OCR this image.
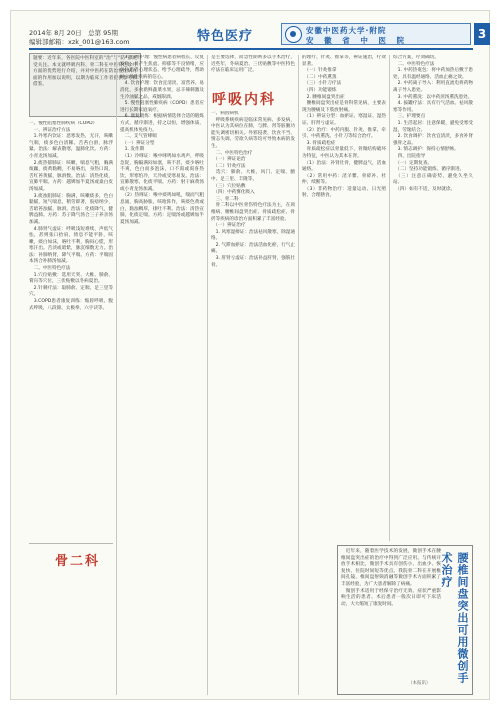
2014年 8月 20日　总第 95期
编辑部邮箱：xzk_001@163.com	特色医疗	安徽中医药大学·附院
安 徽 省 中 医 院	3
题要：近年来，各医院中医科室的“治”与“防”都更受关注。本文就呼吸内科、骨二科在中医特色诊疗方面的优势进行介绍，并对中医药在防治慢性病方面的作用加以说明，以期为临床工作者提供参考和借鉴。
一、慢性阻塞性肺疾病（COPD）
　一、辨证治疗方法
　1.外寒内饮证：恶寒发热，无汗，咳嗽气喘，痰多色白清稀。舌苔白滑，脉浮紧。治法：解表散寒，温肺化饮。方药：小青龙汤加减。
　2.痰热郁肺证：咳嗽，喘息气粗，胸满烦躁，痰黄黏稠，不易咯出，身热口渴，舌红苔黄腻，脉滑数。治法：清热化痰，宣肺平喘。方药：越婢加半夏汤或桑白皮汤加减。
　3.痰浊阻肺证：胸满，咳嗽痰多，色白黏腻，短气喘息，稍劳即著，脘痞纳少，舌暗苔浊腻，脉滑。治法：化痰降气，健脾益肺。方药：苏子降气汤合三子养亲汤加减。
　4.肺肾气虚证：呼吸浅短难续，声低气怯，甚则张口抬肩，倚息不能平卧，咳嗽，痰白如沫，咯吐不利，胸闷心慌，形寒汗出。舌淡或暗紫，脉沉细数无力。治法：补肺纳肾，降气平喘。方药：平喘固本汤合补肺汤加减。
　二、中医特色疗法
　1.穴位贴敷：选用天突、大椎、肺俞、膏肓等穴位，三伏贴敷以冬病夏治。
　2.针刺疗法：取肺俞、定喘、足三里等穴。
　3.COPD患者康复训练：缩唇呼吸、腹式呼吸、八段锦、太极拳、六字诀等。
　3. 心理护理：慢性病患者病程长，反复发作，易产生焦虑、抑郁等不良情绪，应关注患者心理状态，给予心理疏导，帮助树立战胜疾病的信心。
　4. 饮食护理：饮食宜清淡、富营养、易消化，多食新鲜蔬菜水果，忌辛辣刺激及生冷油腻之品，戒烟限酒。
　5. 慢性阻塞性肺疾病（COPD）患者应进行长期家庭氧疗。
　6. 康复锻炼：根据病情选择合适的锻炼方式，循序渐进，持之以恒，增强体质，提高机体免疫力。
　二、支气管哮喘
　（一）辨证分型
　1. 发作期
　（1）冷哮证：喉中哮鸣如水鸡声，呼吸急促，胸膈满闷如塞，咳不甚，痰少咯吐不爽，色白而多泡沫，口不渴或渴喜热饮，形寒怕冷，天冷或受寒易发。治法：宣肺散寒，化痰平喘。方药：射干麻黄汤或小青龙汤加减。
　（2）热哮证：喉中痰鸣如吼，喘而气粗息涌，胸高胁胀，咳呛阵作，咳痰色黄或白，黏浊稠厚，排吐不利。治法：清热宣肺，化痰定喘。方药：定喘汤或越婢加半夏汤加减。
是主要选择，而急性期则多以手术治疗，近些年，冬病夏治、三伏贴敷等中医特色疗法在临床运用广泛。
呼吸内科
一、病因病机
　呼吸系统疾病是临床常见病、多发病，中医认为其病位在肺，与脾、肾等脏腑功能失调密切相关。外邪侵袭、饮食不当、情志失调、劳欲久病等均可导致本病的发生。
　二、中医特色治疗
　（一）辨证论治
　（二）针灸疗法
　选穴：肺俞、大椎、风门、定喘、膻中、足三里、丰隆等。
　（三）穴位贴敷
　（四）中药雾化吸入
　三、骨二科
　骨二科以中医骨伤特色疗法为主，在颈椎病、腰椎间盘突出症、骨质疏松症、骨折等疾病的诊治方面积累了丰富经验。
　（一）辨证治疗
　1. 风寒湿痹证：治法祛风散寒，除湿通络。
　2. 气滞血瘀证：治法活血化瘀，行气止痛。
　3. 肝肾亏虚证：治法补益肝肾，强筋壮骨。
的理疗、针灸、推拿等，辨证施治，疗效显著。
　（一）针灸推拿
　（二）中药熏蒸
　（三）小针刀疗法
　（四）功能锻炼
　2. 腰椎间盘突出症
　腰椎间盘突出症是骨科常见病，主要表现为腰痛及下肢放射痛。
　（1）辨证分型：血瘀证、寒湿证、湿热证、肝肾亏虚证。
　（2）治疗：中药内服、针灸、推拿、牵引、中药熏洗、小针刀等综合治疗。
　3. 骨质疏松症
　骨质疏松症以骨量低下、骨微结构破坏为特征，中医认为其本在肾。
　（1）治法：补肾壮骨，健脾益气，活血通络。
　（2）常用中药：淫羊藿、骨碎补、杜仲、续断等。
　（3）非药物治疗：适量运动、日光照射、合理膳食。
综合方案，疗效确切。
　二、中医特色疗法
　1. 中药热奄包：将中药加热后敷于患处，具有温经通络、活血止痛之效。
　2. 中药离子导入：利用直流电将药物离子导入患处。
　3. 中药熏洗：以中药煎汤熏洗患处。
　4. 拔罐疗法：具有行气活血、祛风散寒等作用。
　三、护理要点
　1. 生活起居：注意保暖，避免受寒受湿，劳逸结合。
　2. 饮食调护：饮食宜清淡，多食补肾强骨之品。
　3. 情志调护：保持心情舒畅。
　四、出院指导
　（一）定期复查。
　（二）坚持功能锻炼，循序渐进。
　（三）注意正确姿势，避免久坐久站。
　（四）如有不适，及时就诊。
骨二科
　近年来，随着医学技术的发展，微创手术在腰椎间盘突出症的治疗中得到广泛应用。与传统开放手术相比，微创手术具有创伤小、出血少、恢复快、住院时间短等优点。我院骨二科在开展椎间孔镜、椎间盘射频消融等微创手术方面积累了丰富经验，为广大患者解除了病痛。
　微创手术适用于经保守治疗无效、症状严重影响生活的患者。术后患者一般次日即可下床活动，大大缩短了康复时间。	腰椎间盘突出可用微创手术治疗
（本报讯）
